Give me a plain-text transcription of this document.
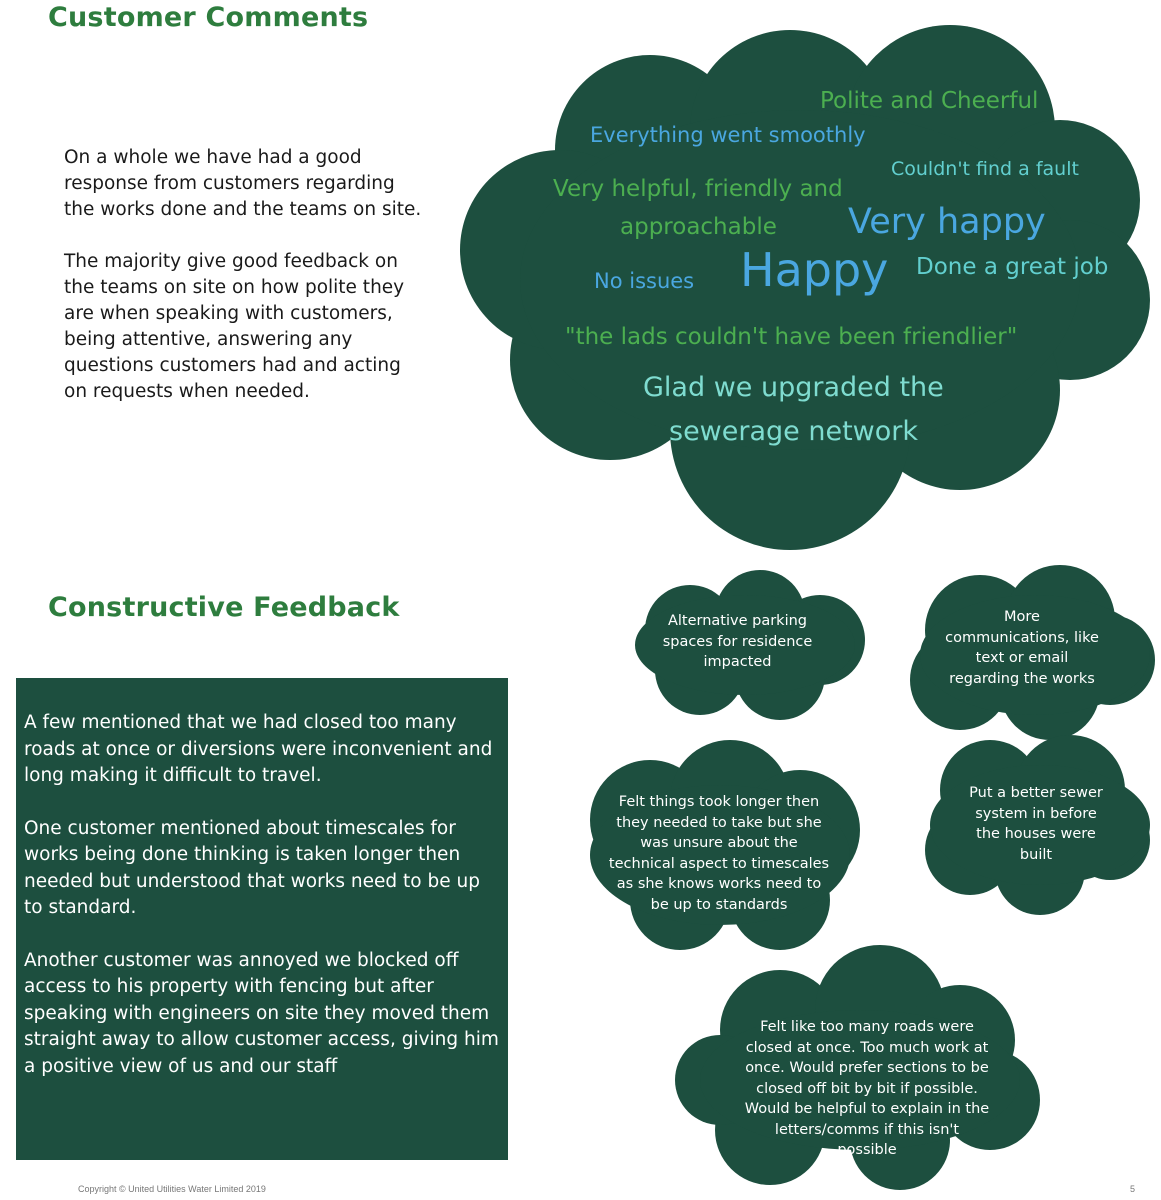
Customer Comments

On a whole we have had a good response from customers regarding the works done and the teams on site.

The majority give good feedback on the teams on site on how polite they are when speaking with customers, being attentive, answering any questions customers had and acting on requests when needed.

Polite and Cheerful
Everything went smoothly
Couldn't find a fault
Very helpful, friendly and
approachable Very happy
No issues Happy Done a great job
"the lads couldn't have been friendlier"
Glad we upgraded the
sewerage network
Constructive Feedback

A few mentioned that we had closed too many roads at once or diversions were inconvenient and long making it difficult to travel.

One customer mentioned about timescales for works being done thinking is taken longer then needed but understood that works need to be up to standard.

Another customer was annoyed we blocked off access to his property with fencing but after speaking with engineers on site they moved them straight away to allow customer access, giving him a positive view of us and our staff

Alternative parking spaces for residence impacted
More communications, like text or email regarding the works
Felt things took longer then they needed to take but she was unsure about the technical aspect to timescales as she knows works need to be up to standards
Put a better sewer system in before the houses were built
Felt like too many roads were closed at once. Too much work at once. Would prefer sections to be closed off bit by bit if possible. Would be helpful to explain in the letters/comms if this isn't possible
Copyright © United Utilities Water Limited 2019	5
